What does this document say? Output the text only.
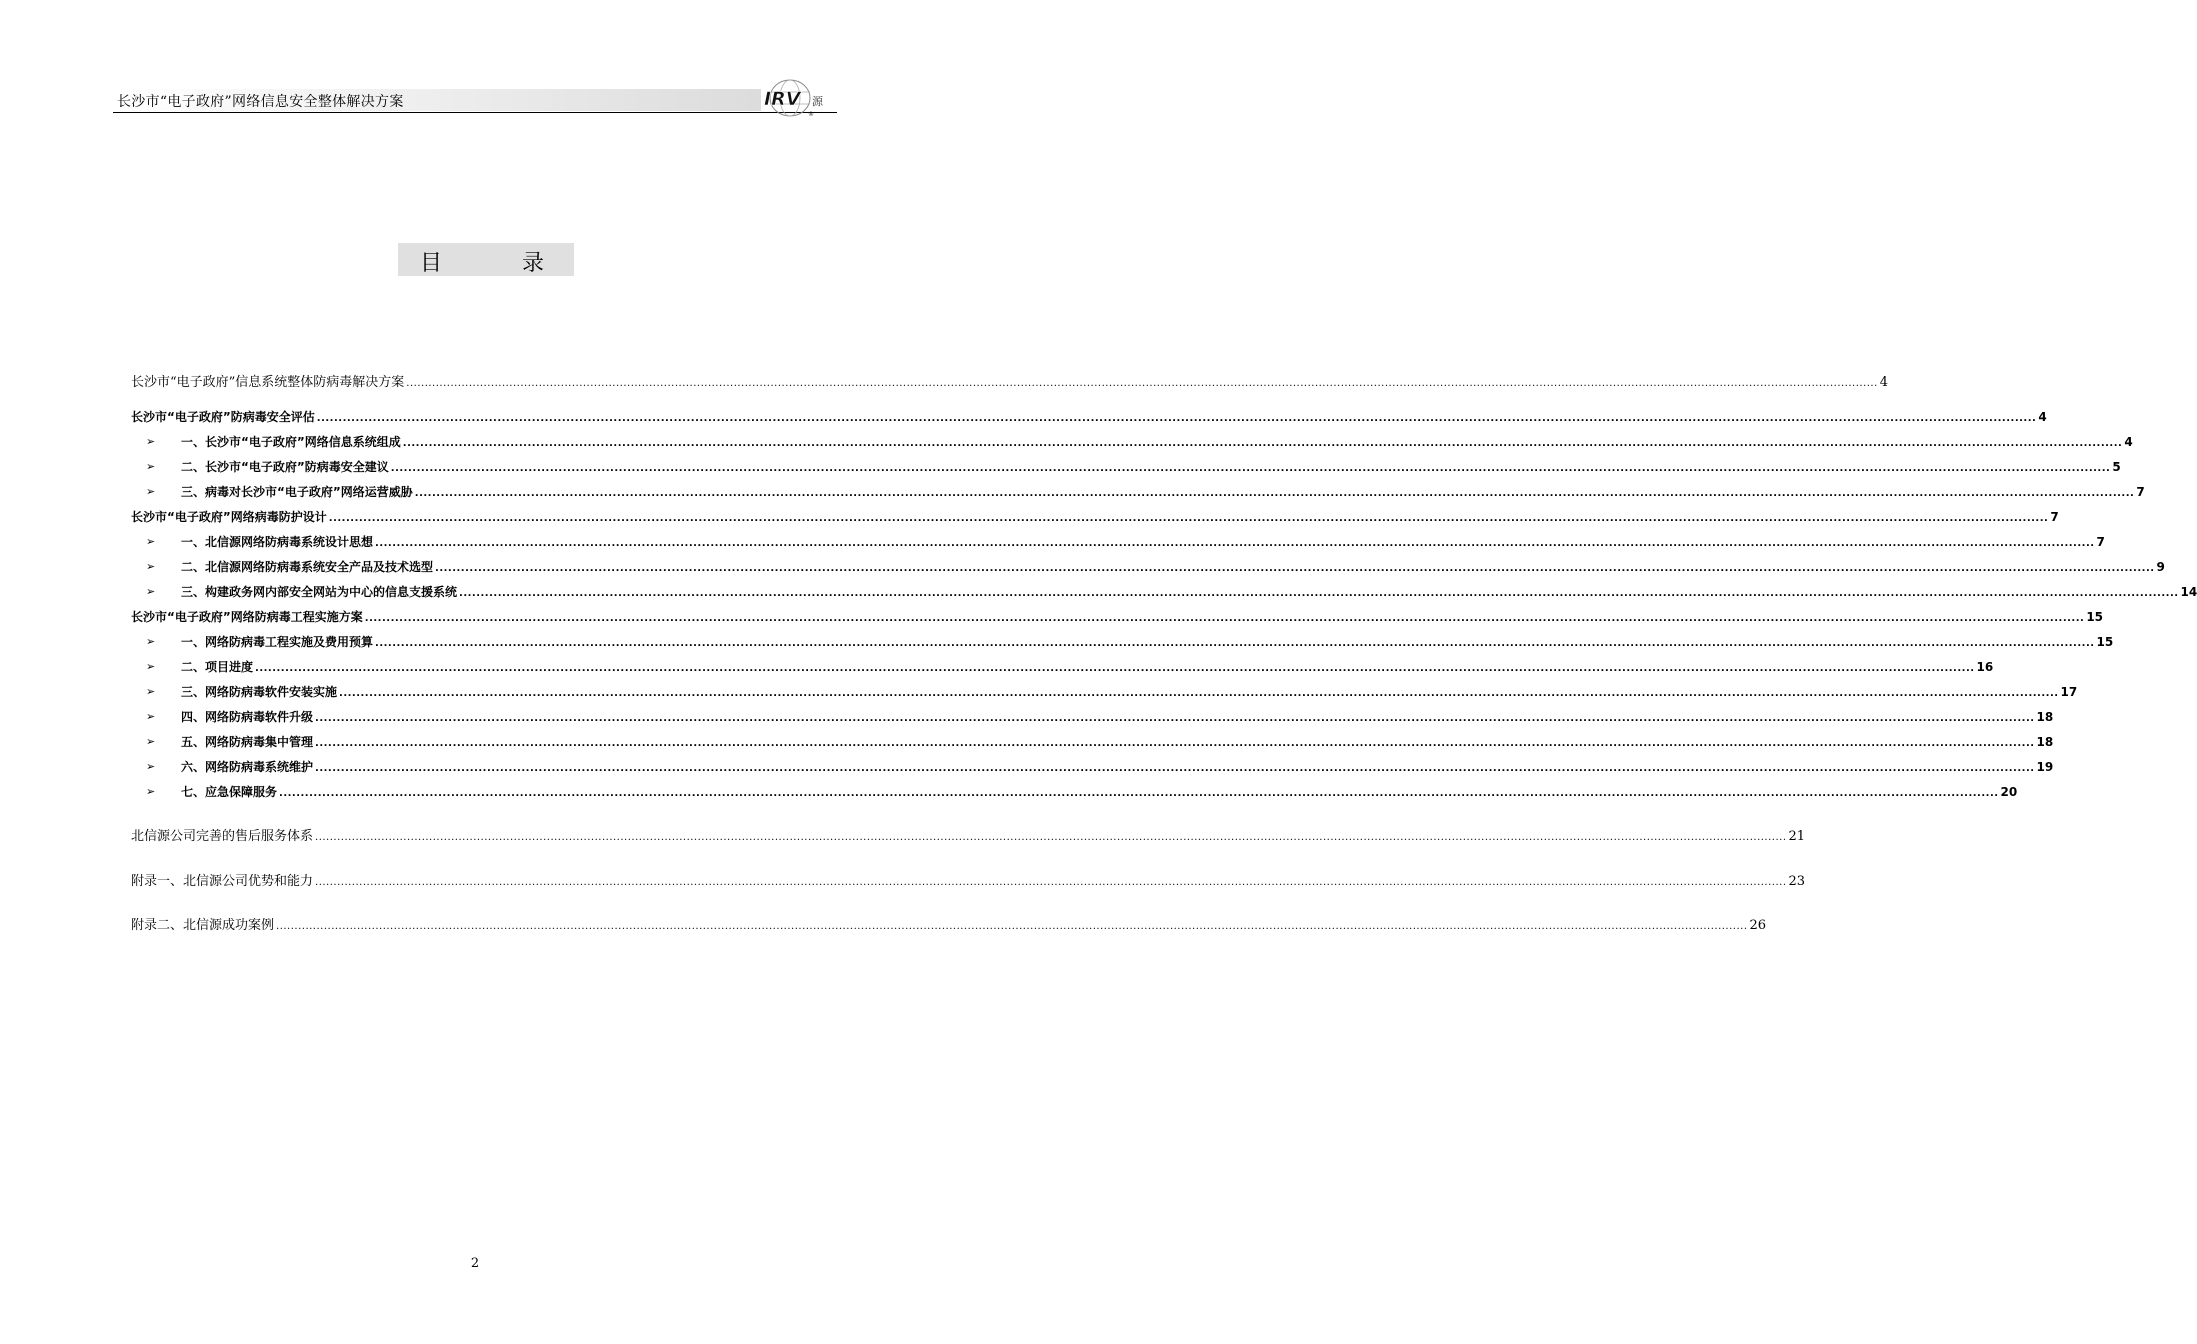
长沙市“电子政府”网络信息安全整体解决方案	IRV
®
源
目	录
长沙市“电子政府”信息系统整体防病毒解决方案 ................................................................................................................................................................................................................................................................................................................................................................................................................ 4
长沙市“电子政府”防病毒安全评估 ................................................................................................................................................................................................................................................................................................................................................................................................................ 4
一、长沙市“电子政府”网络信息系统组成 ................................................................................................................................................................................................................................................................................................................................................................................................................ 4
➢
二、长沙市“电子政府”防病毒安全建议 ................................................................................................................................................................................................................................................................................................................................................................................................................ 5
➢
三、病毒对长沙市“电子政府”网络运营威胁 ................................................................................................................................................................................................................................................................................................................................................................................................................ 7
➢
长沙市“电子政府”网络病毒防护设计 ................................................................................................................................................................................................................................................................................................................................................................................................................ 7
一、北信源网络防病毒系统设计思想 ................................................................................................................................................................................................................................................................................................................................................................................................................ 7
➢
二、北信源网络防病毒系统安全产品及技术选型 ................................................................................................................................................................................................................................................................................................................................................................................................................ 9
➢
三、构建政务网内部安全网站为中心的信息支援系统 ................................................................................................................................................................................................................................................................................................................................................................................................................ 14
➢
长沙市“电子政府”网络防病毒工程实施方案 ................................................................................................................................................................................................................................................................................................................................................................................................................ 15
一、网络防病毒工程实施及费用预算 ................................................................................................................................................................................................................................................................................................................................................................................................................ 15
➢
二、项目进度 ................................................................................................................................................................................................................................................................................................................................................................................................................ 16
➢
三、网络防病毒软件安装实施 ................................................................................................................................................................................................................................................................................................................................................................................................................ 17
➢
四、网络防病毒软件升级 ................................................................................................................................................................................................................................................................................................................................................................................................................ 18
➢
五、网络防病毒集中管理 ................................................................................................................................................................................................................................................................................................................................................................................................................ 18
➢
六、网络防病毒系统维护 ................................................................................................................................................................................................................................................................................................................................................................................................................ 19
➢
七、应急保障服务 ................................................................................................................................................................................................................................................................................................................................................................................................................ 20
➢
北信源公司完善的售后服务体系 ................................................................................................................................................................................................................................................................................................................................................................................................................ 21
附录一、北信源公司优势和能力 ................................................................................................................................................................................................................................................................................................................................................................................................................ 23
附录二、北信源成功案例 ................................................................................................................................................................................................................................................................................................................................................................................................................ 26
2
